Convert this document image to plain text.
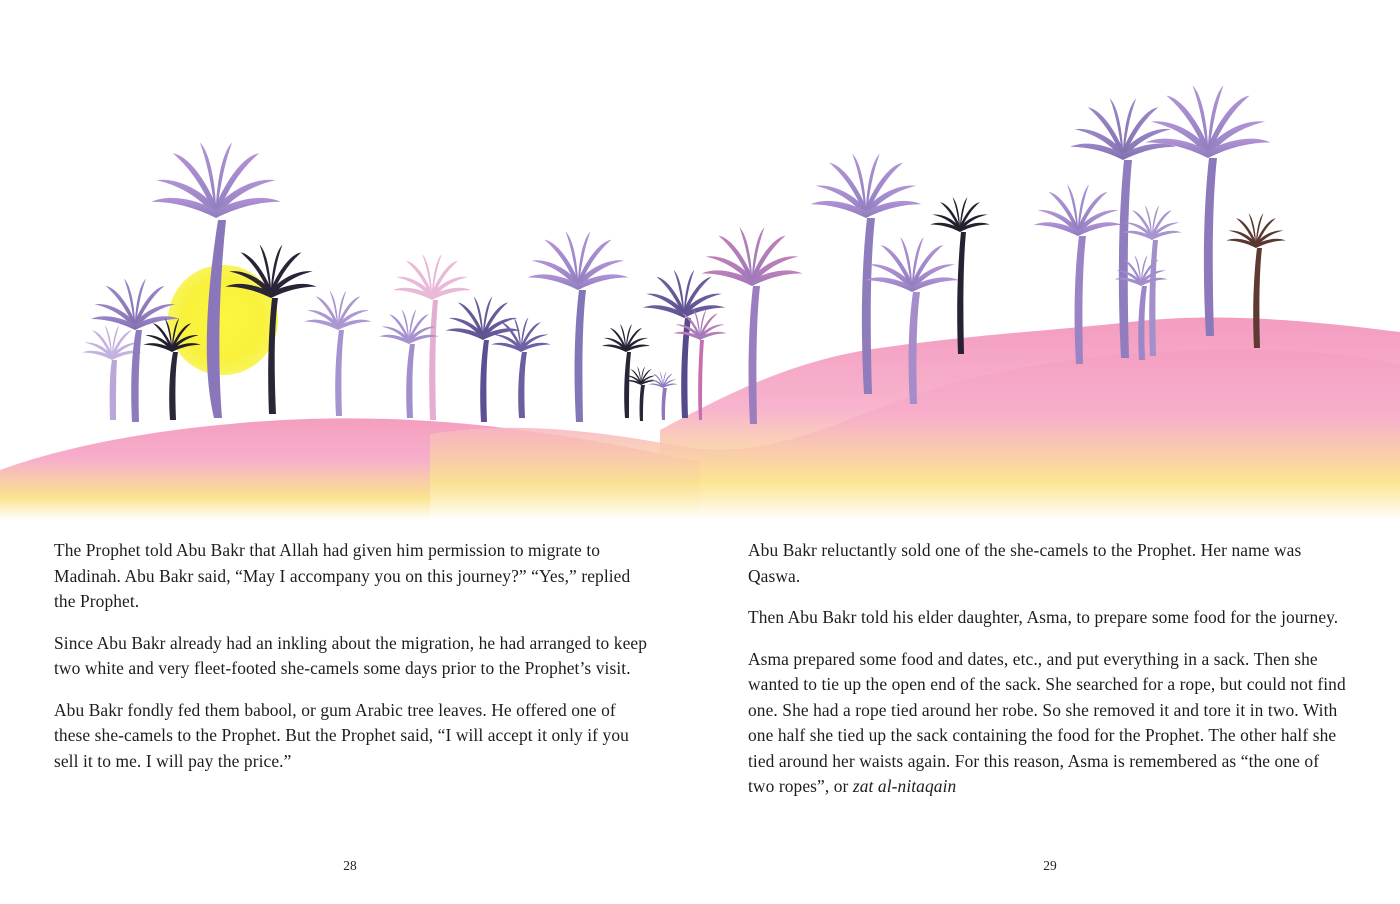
The Prophet told Abu Bakr that Allah had given him permission to migrate to Madinah. Abu Bakr said, “May I accompany you on this journey?” “Yes,” replied the Prophet.

Since Abu Bakr already had an inkling about the migration, he had arranged to keep two white and very fleet-footed she-camels some days prior to the Prophet’s visit.

Abu Bakr fondly fed them babool, or gum Arabic tree leaves. He offered one of these she-camels to the Prophet. But the Prophet said, “I will accept it only if you sell it to me. I will pay the price.”

28

Abu Bakr reluctantly sold one of the she-camels to the Prophet. Her name was Qaswa.

Then Abu Bakr told his elder daughter, Asma, to prepare some food for the journey.

Asma prepared some food and dates, etc., and put everything in a sack. Then she wanted to tie up the open end of the sack. She searched for a rope, but could not find one. She had a rope tied around her robe. So she removed it and tore it in two. With one half she tied up the sack containing the food for the Prophet. The other half she tied around her waists again. For this reason, Asma is remembered as “the one of two ropes”, or zat al-nitaqain

29
